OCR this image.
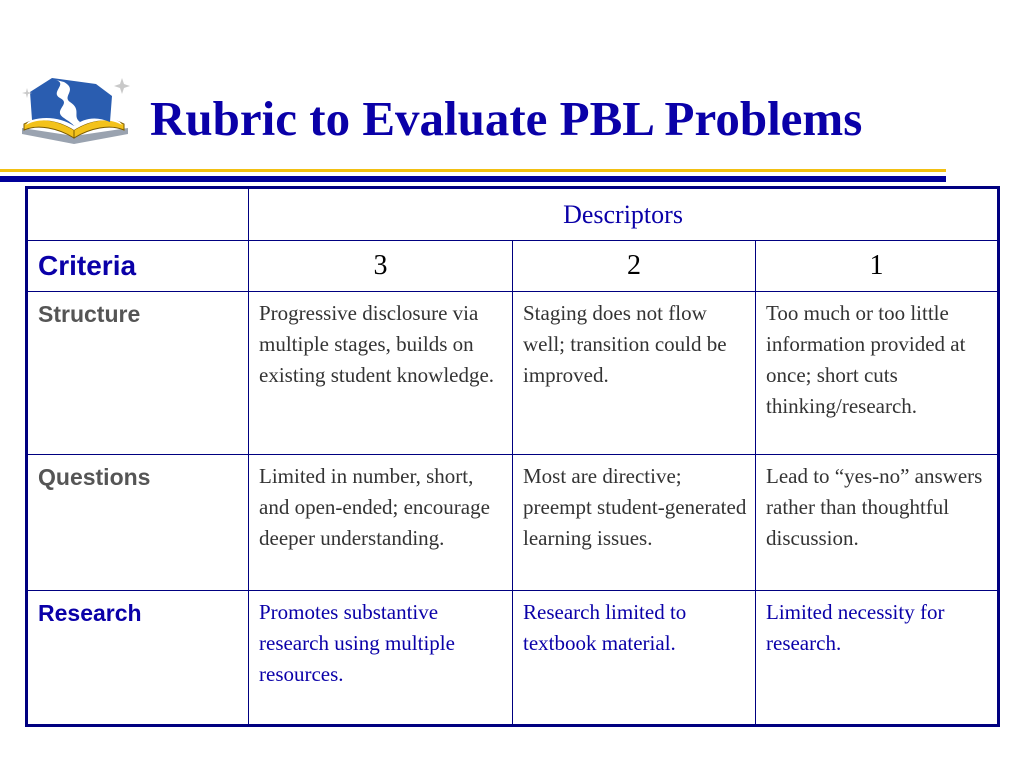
Rubric to Evaluate PBL Problems
	Descriptors		
Criteria	3	2	1
Structure	Progressive disclosure via multiple stages, builds on existing student knowledge.	Staging does not flow well; transition could be improved.	Too much or too little information provided at once; short cuts thinking/research.
Questions	Limited in number, short, and open-ended; encourage deeper understanding.	Most are directive; preempt student-generated learning issues.	Lead to “yes-no” answers rather than thoughtful discussion.
Research	Promotes substantive research using multiple resources.	Research limited to textbook material.	Limited necessity for research.
